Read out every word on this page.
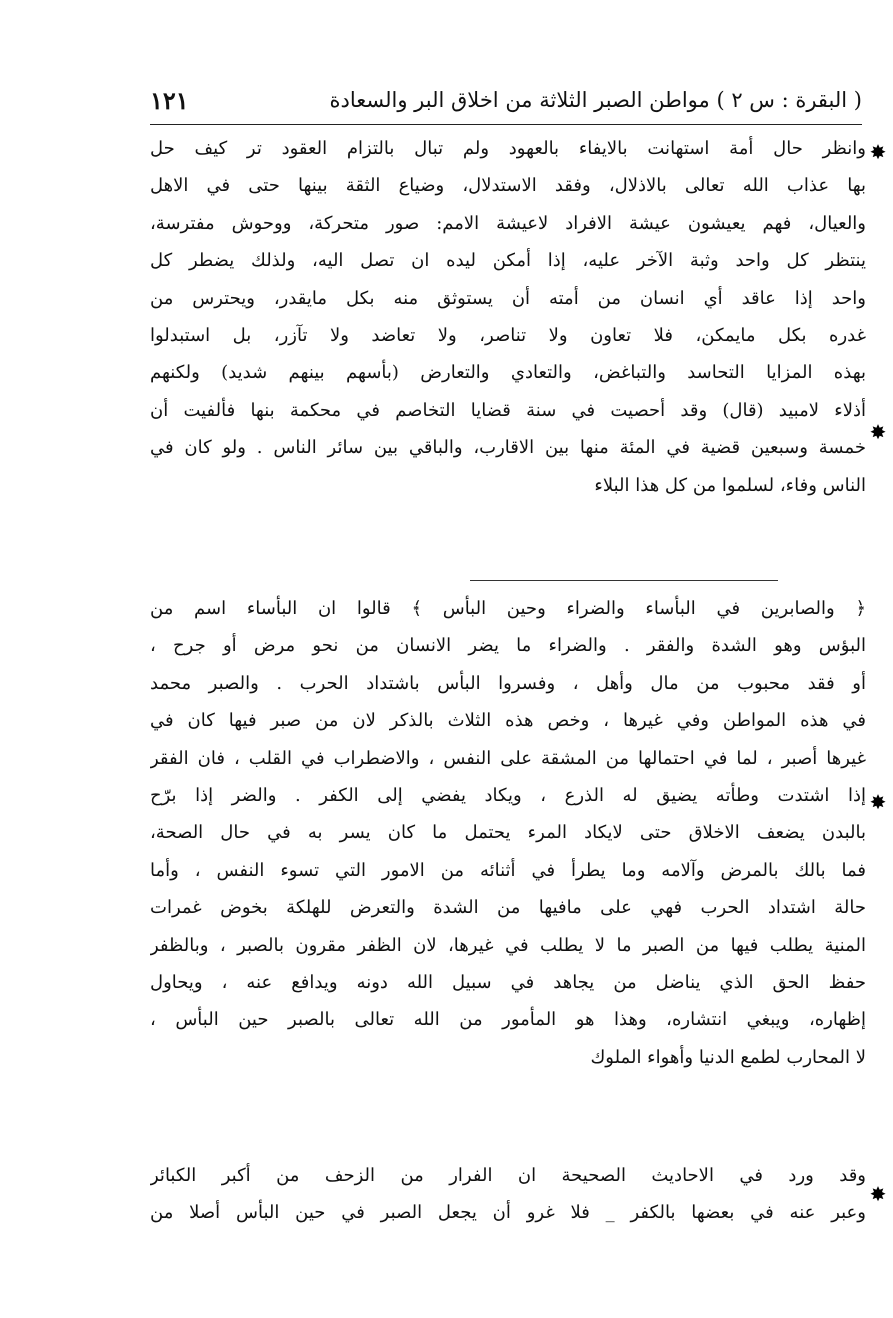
( البقرة : س ٢ ) مواطن الصبر الثلاثة من اخلاق البر والسعادة
١٢١
وانظر حال أمة استهانت بالايفاء بالعهود ولم تبال بالتزام العقود تر كيف حل
بها عذاب الله تعالى بالاذلال، وفقد الاستدلال، وضياع الثقة بينها حتى في الاهل
والعيال، فهم يعيشون عيشة الافراد لاعيشة الامم: صور متحركة، ووحوش مفترسة،
ينتظر كل واحد وثبة الآخر عليه، إذا أمكن ليده ان تصل اليه، ولذلك يضطر كل
واحد إذا عاقد أي انسان من أمته أن يستوثق منه بكل مايقدر، ويحترس من
غدره بكل مايمكن، فلا تعاون ولا تناصر، ولا تعاضد ولا تآزر، بل استبدلوا
بهذه المزايا التحاسد والتباغض، والتعادي والتعارض (بأسهم بينهم شديد) ولكنهم
أذلاء لامبيد (قال) وقد أحصيت في سنة قضايا التخاصم في محكمة بنها فألفيت أن
خمسة وسبعين قضية في المئة منها بين الاقارب، والباقي بين سائر الناس . ولو كان في
الناس وفاء، لسلموا من كل هذا البلاء
﴿ والصابرين في البأساء والضراء وحين البأس ﴾ قالوا ان البأساء اسم من
البؤس وهو الشدة والفقر . والضراء ما يضر الانسان من نحو مرض أو جرح ،
أو فقد محبوب من مال وأهل ، وفسروا البأس باشتداد الحرب . والصبر محمد
في هذه المواطن وفي غيرها ، وخص هذه الثلاث بالذكر لان من صبر فيها كان في
غيرها أصبر ، لما في احتمالها من المشقة على النفس ، والاضطراب في القلب ، فان الفقر
إذا اشتدت وطأته يضيق له الذرع ، ويكاد يفضي إلى الكفر . والضر إذا برّح
بالبدن يضعف الاخلاق حتى لايكاد المرء يحتمل ما كان يسر به في حال الصحة،
فما بالك بالمرض وآلامه وما يطرأ في أثنائه من الامور التي تسوء النفس ، وأما
حالة اشتداد الحرب فهي على مافيها من الشدة والتعرض للهلكة بخوض غمرات
المنية يطلب فيها من الصبر ما لا يطلب في غيرها، لان الظفر مقرون بالصبر ، وبالظفر
حفظ الحق الذي يناضل من يجاهد في سبيل الله دونه ويدافع عنه ، ويحاول
إظهاره، ويبغي انتشاره، وهذا هو المأمور من الله تعالى بالصبر حين البأس ،
لا المحارب لطمع الدنيا وأهواء الملوك
وقد ورد في الاحاديث الصحيحة ان الفرار من الزحف من أكبر الكبائر
وعبر عنه في بعضها بالكفر _ فلا غرو أن يجعل الصبر في حين البأس أصلا من
✸
✸
✸
✸
